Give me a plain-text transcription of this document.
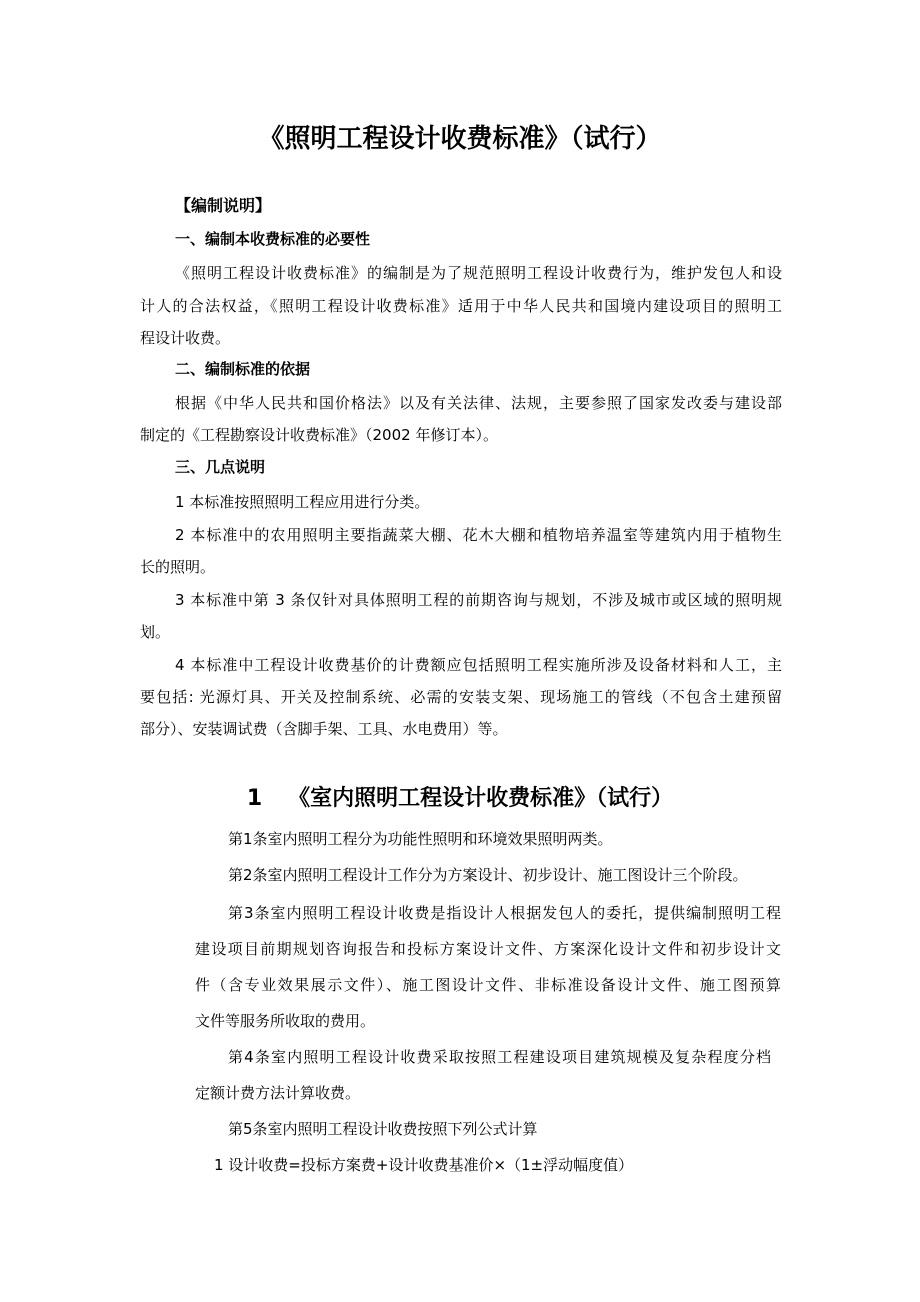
《照明工程设计收费标准》（试行）
【编制说明】
一、编制本收费标准的必要性
《照明工程设计收费标准》的编制是为了规范照明工程设计收费行为，维护发包人和设
计人的合法权益，《照明工程设计收费标准》适用于中华人民共和国境内建设项目的照明工
程设计收费。
二、编制标准的依据
根据《中华人民共和国价格法》以及有关法律、法规，主要参照了国家发改委与建设部
制定的《工程勘察设计收费标准》（2002 年修订本）。
三、几点说明
1 本标准按照照明工程应用进行分类。
2 本标准中的农用照明主要指蔬菜大棚、花木大棚和植物培养温室等建筑内用于植物生
长的照明。
3 本标准中第 3 条仅针对具体照明工程的前期咨询与规划，不涉及城市或区域的照明规
划。
4 本标准中工程设计收费基价的计费额应包括照明工程实施所涉及设备材料和人工，主
要包括: 光源灯具、开关及控制系统、必需的安装支架、现场施工的管线（不包含土建预留
部分）、安装调试费（含脚手架、工具、水电费用）等。
1 《室内照明工程设计收费标准》（试行）
第1条室内照明工程分为功能性照明和环境效果照明两类。
第2条室内照明工程设计工作分为方案设计、初步设计、施工图设计三个阶段。
第3条室内照明工程设计收费是指设计人根据发包人的委托，提供编制照明工程
建设项目前期规划咨询报告和投标方案设计文件、方案深化设计文件和初步设计文
件（含专业效果展示文件）、施工图设计文件、非标准设备设计文件、施工图预算
文件等服务所收取的费用。
第4条室内照明工程设计收费采取按照工程建设项目建筑规模及复杂程度分档
定额计费方法计算收费。
第5条室内照明工程设计收费按照下列公式计算
1 设计收费=投标方案费+设计收费基准价×（1±浮动幅度值）
